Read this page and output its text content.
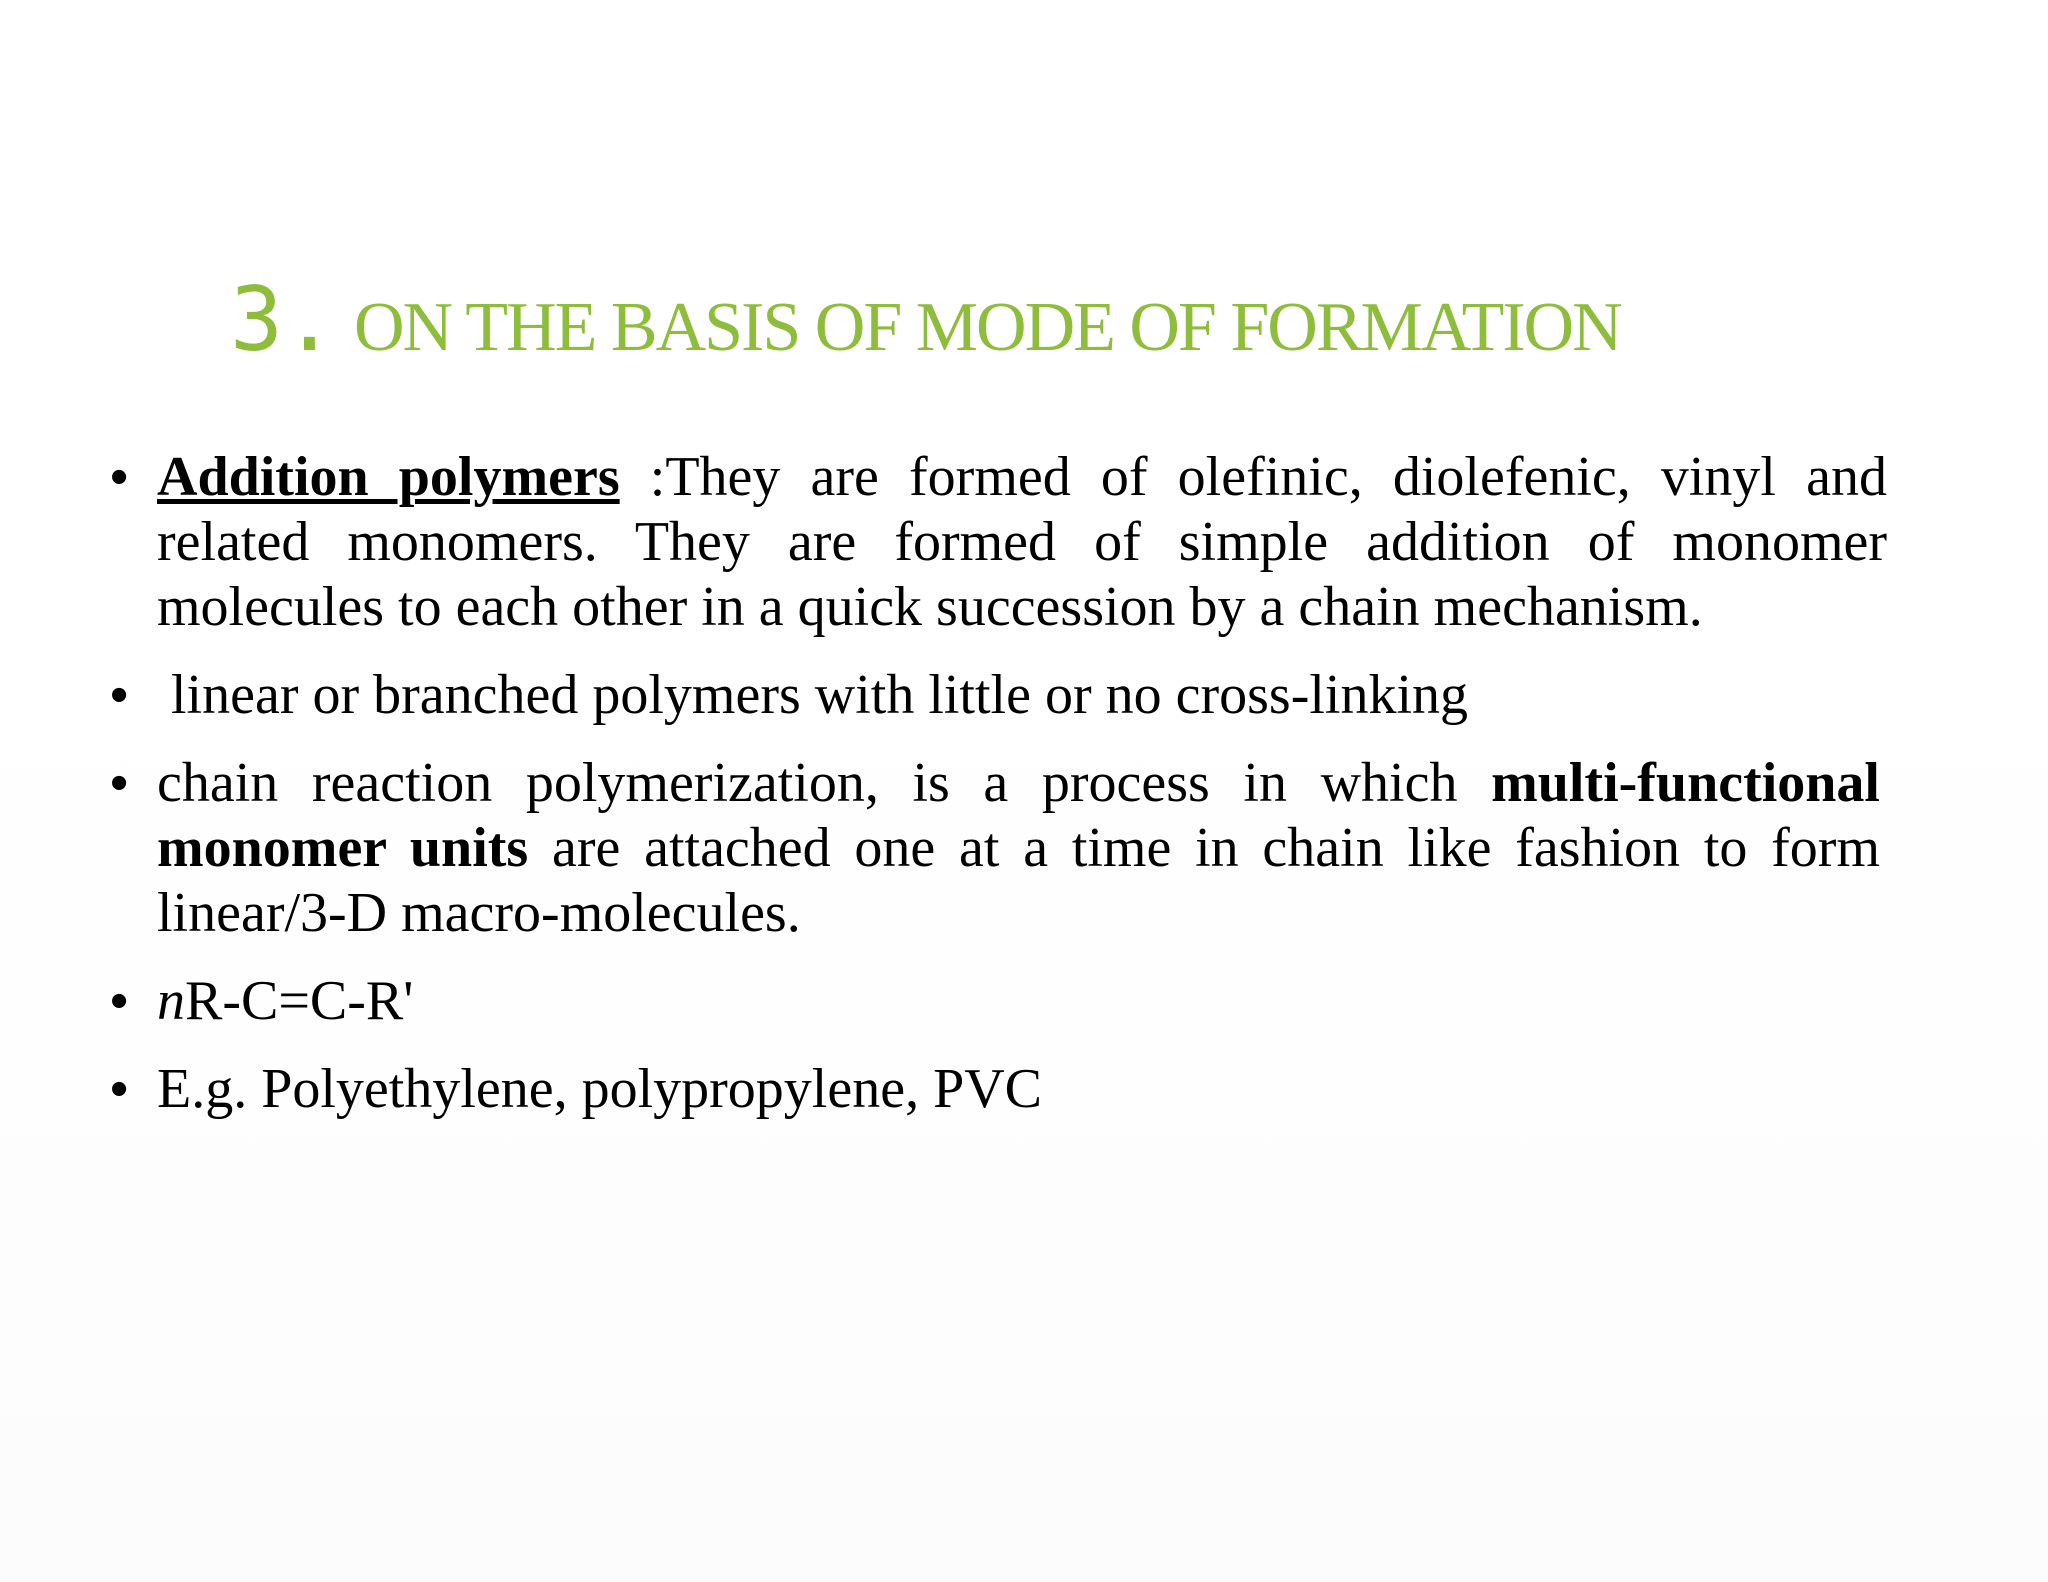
3. ON THE BASIS OF MODE OF FORMATION
• Addition polymers :They are formed of olefinic, diolefenic, vinyl and related monomers. They are formed of simple addition of monomer molecules to each other in a quick succession by a chain mechanism.
• linear or branched polymers with little or no cross-linking
• chain reaction polymerization, is a process in which multi-functional monomer units are attached one at a time in chain like fashion to form linear/3-D macro-molecules.
• nR-C=C-R'
• E.g. Polyethylene, polypropylene, PVC
